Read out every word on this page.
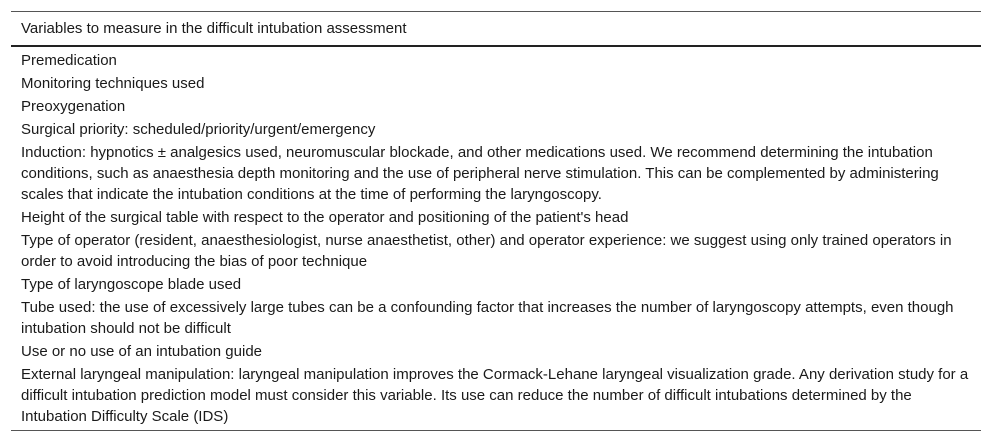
Variables to measure in the difficult intubation assessment
Premedication
Monitoring techniques used
Preoxygenation
Surgical priority: scheduled/priority/urgent/emergency
Induction: hypnotics ± analgesics used, neuromuscular blockade, and other medications used. We recommend determining the intubation conditions, such as anaesthesia depth monitoring and the use of peripheral nerve stimulation. This can be complemented by administering scales that indicate the intubation conditions at the time of performing the laryngoscopy.
Height of the surgical table with respect to the operator and positioning of the patient's head
Type of operator (resident, anaesthesiologist, nurse anaesthetist, other) and operator experience: we suggest using only trained operators in order to avoid introducing the bias of poor technique
Type of laryngoscope blade used
Tube used: the use of excessively large tubes can be a confounding factor that increases the number of laryngoscopy attempts, even though intubation should not be difficult
Use or no use of an intubation guide
External laryngeal manipulation: laryngeal manipulation improves the Cormack-Lehane laryngeal visualization grade. Any derivation study for a difficult intubation prediction model must consider this variable. Its use can reduce the number of difficult intubations determined by the Intubation Difficulty Scale (IDS)
